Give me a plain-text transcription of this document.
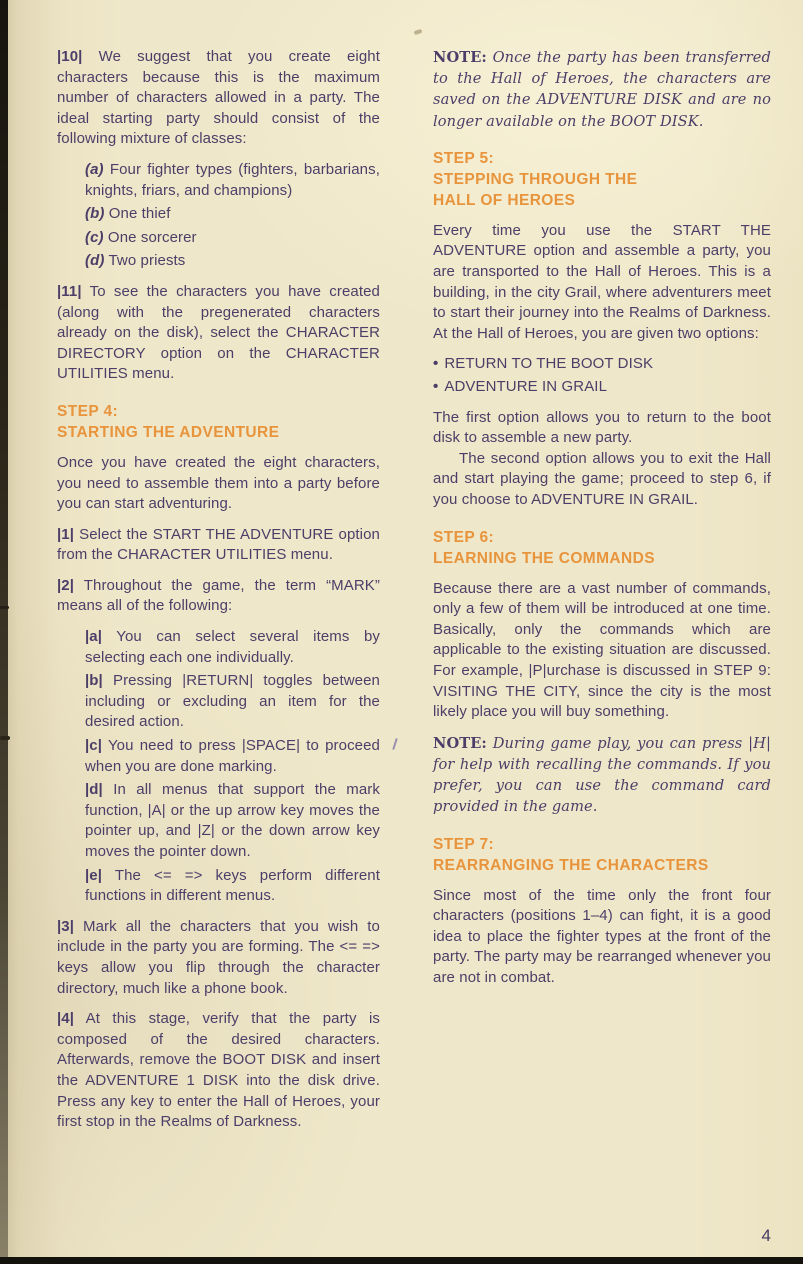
|10| We suggest that you create eight characters because this is the maximum number of characters allowed in a party. The ideal starting party should consist of the following mixture of classes:

(a) Four fighter types (fighters, barbarians, knights, friars, and champions)

(b) One thief

(c) One sorcerer

(d) Two priests

|11| To see the characters you have created (along with the pregenerated characters already on the disk), select the CHARACTER DIRECTORY option on the CHARACTER UTILITIES menu.

STEP 4:
STARTING THE ADVENTURE

Once you have created the eight characters, you need to assemble them into a party before you can start adventuring.

|1| Select the START THE ADVENTURE option from the CHARACTER UTILITIES menu.

|2| Throughout the game, the term “MARK” means all of the following:

|a| You can select several items by selecting each one individually.

|b| Pressing |RETURN| toggles between including or excluding an item for the desired action.

|c| You need to press |SPACE| to proceed when you are done marking.

|d| In all menus that support the mark function, |A| or the up arrow key moves the pointer up, and |Z| or the down arrow key moves the pointer down.

|e| The <= => keys perform different functions in different menus.

|3| Mark all the characters that you wish to include in the party you are forming. The <= => keys allow you flip through the character directory, much like a phone book.

|4| At this stage, verify that the party is composed of the desired characters. Afterwards, remove the BOOT DISK and insert the ADVENTURE 1 DISK into the disk drive. Press any key to enter the Hall of Heroes, your first stop in the Realms of Darkness.

NOTE: Once the party has been transferred to the Hall of Heroes, the characters are saved on the ADVENTURE DISK and are no longer available on the BOOT DISK.

STEP 5:
STEPPING THROUGH THE
HALL OF HEROES

Every time you use the START THE ADVENTURE option and assemble a party, you are transported to the Hall of Heroes. This is a building, in the city Grail, where adventurers meet to start their journey into the Realms of Darkness. At the Hall of Heroes, you are given two options:

• RETURN TO THE BOOT DISK

• ADVENTURE IN GRAIL

The first option allows you to return to the boot disk to assemble a new party.

The second option allows you to exit the Hall and start playing the game; proceed to step 6, if you choose to ADVENTURE IN GRAIL.

STEP 6:
LEARNING THE COMMANDS

Because there are a vast number of commands, only a few of them will be introduced at one time. Basically, only the commands which are applicable to the existing situation are discussed. For example, |P|urchase is discussed in STEP 9: VISITING THE CITY, since the city is the most likely place you will buy something.

NOTE: During game play, you can press |H| for help with recalling the commands. If you prefer, you can use the command card provided in the game.

STEP 7:
REARRANGING THE CHARACTERS

Since most of the time only the front four characters (positions 1–4) can fight, it is a good idea to place the fighter types at the front of the party. The party may be rearranged whenever you are not in combat.

4
